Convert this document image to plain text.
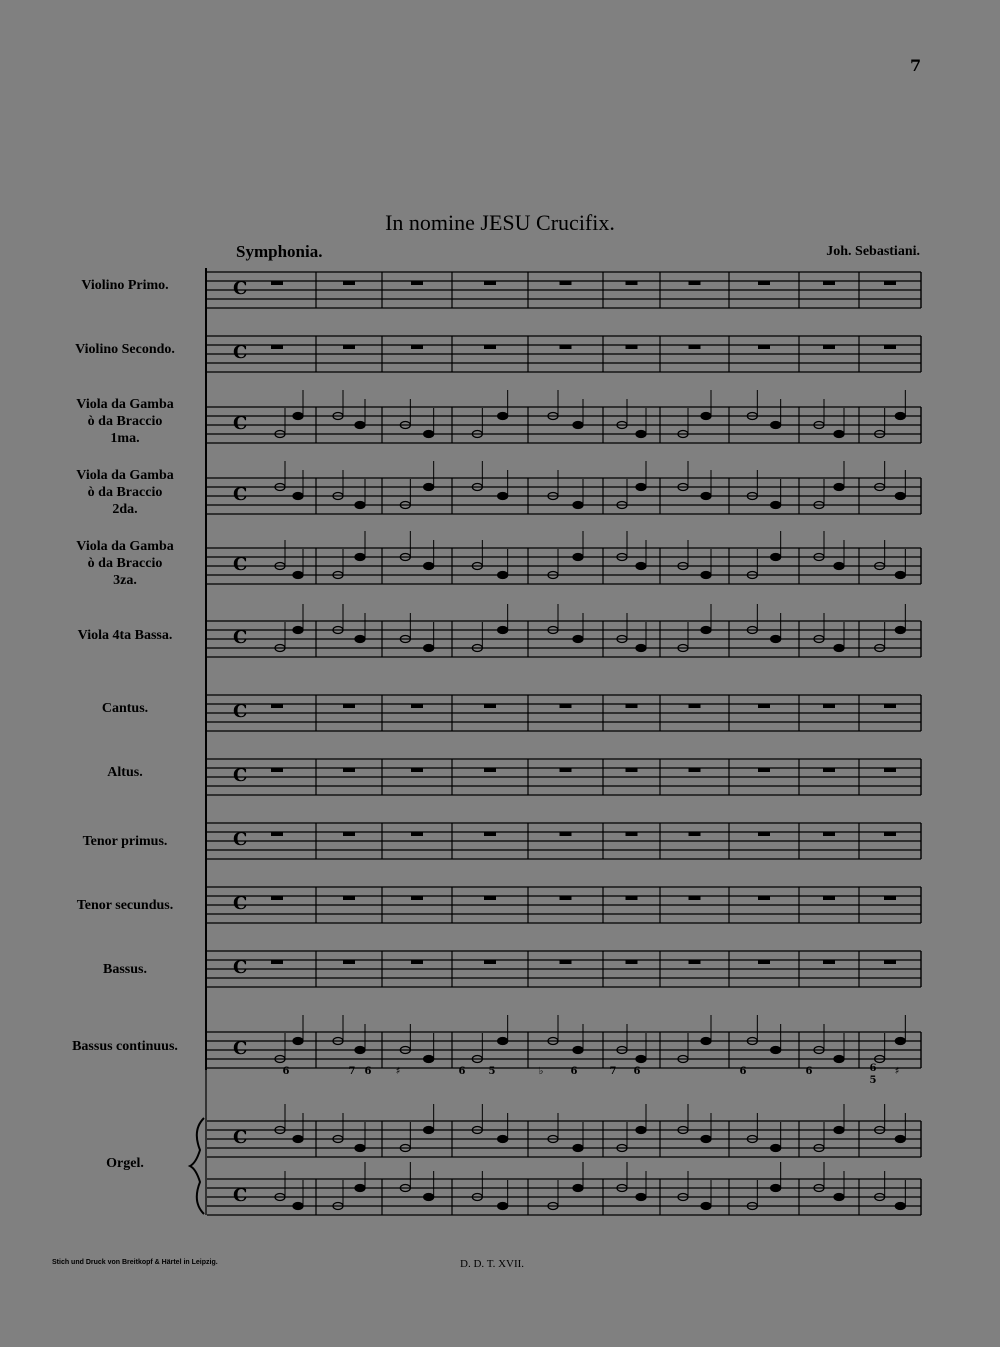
7
In nomine JESU Crucifix.
Symphonia.	Joh. Sebastiani.
Violino Primo.
Violino Secondo.
Viola da Gamba
ò da Braccio
1ma.
Viola da Gamba
ò da Braccio
2da.
Viola da Gamba
ò da Braccio
3za.
Viola 4ta Bassa.
Cantus.
Altus.
Tenor primus.
Tenor secundus.
Bassus.
Bassus continuus.
Orgel.
C
C
C
C
C
C
C
C
C
C
C
C
C
C
6	7 6 ♯	6 5	♭	6	7 6	6	6	6
5
♯
Stich und Druck von Breitkopf & Härtel in Leipzig.	D. D. T. XVII.
